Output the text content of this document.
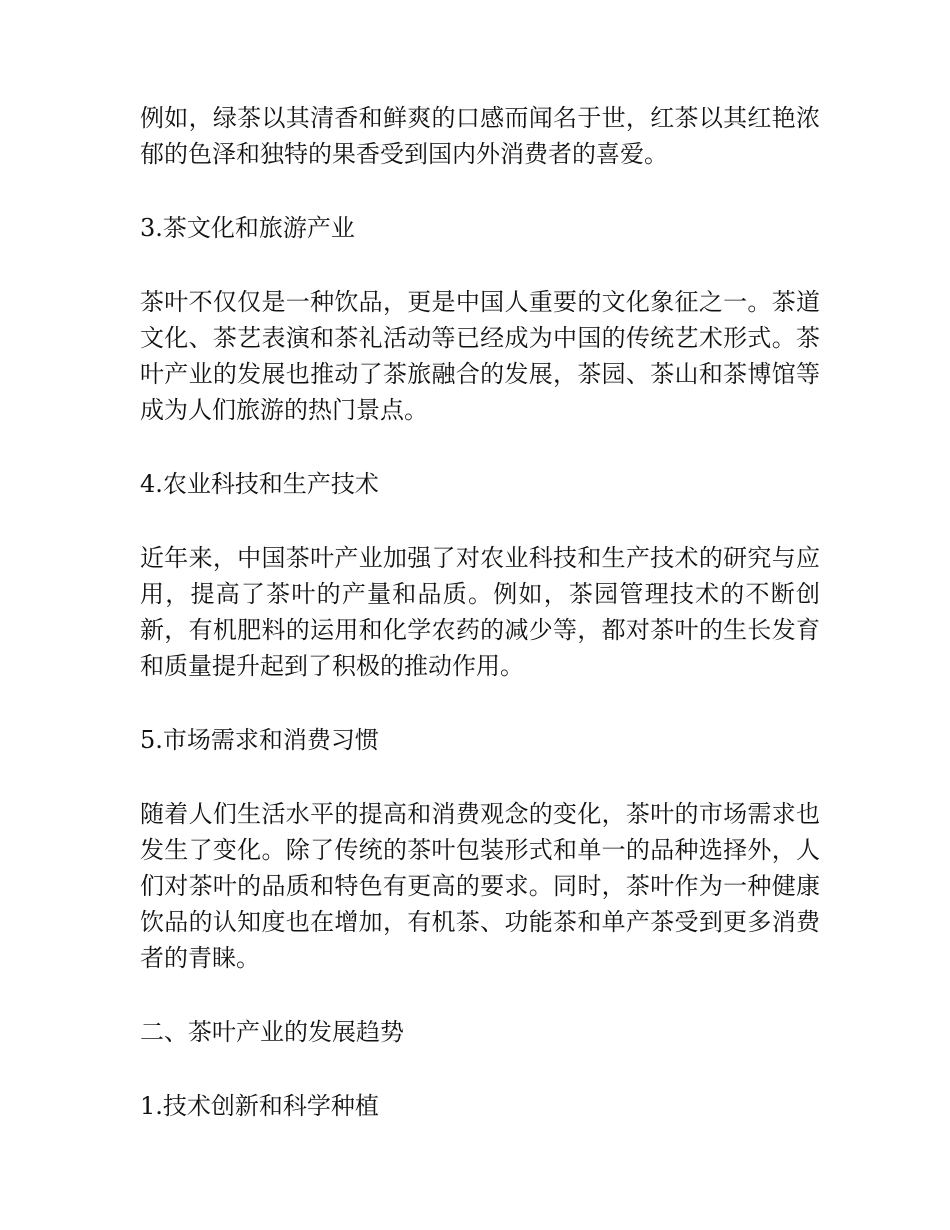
例如，绿茶以其清香和鲜爽的口感而闻名于世，红茶以其红艳浓郁的色泽和独特的果香受到国内外消费者的喜爱。

3.茶文化和旅游产业

茶叶不仅仅是一种饮品，更是中国人重要的文化象征之一。茶道文化、茶艺表演和茶礼活动等已经成为中国的传统艺术形式。茶叶产业的发展也推动了茶旅融合的发展，茶园、茶山和茶博馆等成为人们旅游的热门景点。

4.农业科技和生产技术

近年来，中国茶叶产业加强了对农业科技和生产技术的研究与应用，提高了茶叶的产量和品质。例如，茶园管理技术的不断创新，有机肥料的运用和化学农药的减少等，都对茶叶的生长发育和质量提升起到了积极的推动作用。

5.市场需求和消费习惯

随着人们生活水平的提高和消费观念的变化，茶叶的市场需求也发生了变化。除了传统的茶叶包装形式和单一的品种选择外，人们对茶叶的品质和特色有更高的要求。同时，茶叶作为一种健康饮品的认知度也在增加，有机茶、功能茶和单产茶受到更多消费者的青睐。

二、茶叶产业的发展趋势

1.技术创新和科学种植
